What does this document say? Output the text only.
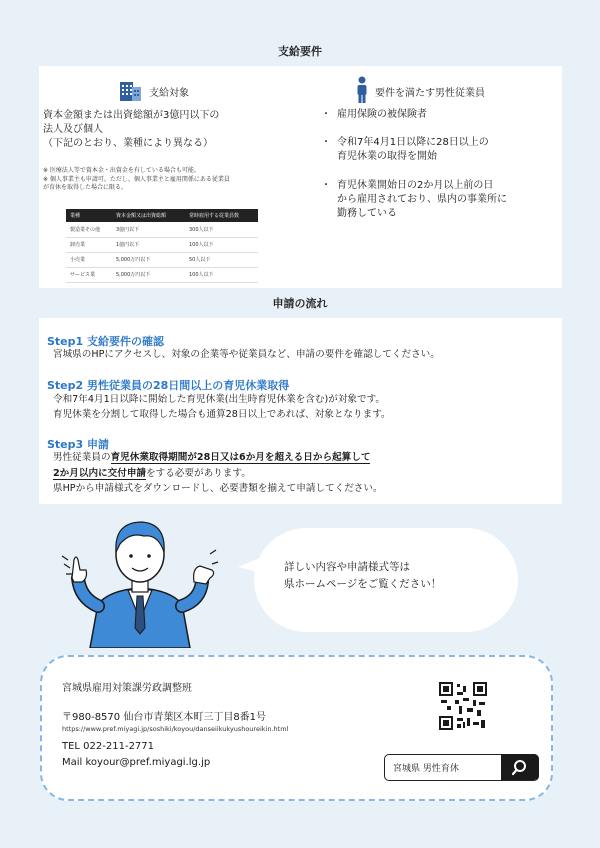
支給要件
支給対象
資本金額または出資総額が3億円以下の
法人及び個人
（下記のとおり、業種により異なる）
※ 医療法人等で資本金・出資金を有している場合も可能。
※ 個人事業主も申請可。ただし、個人事業主と雇用関係にある従業員
が育休を取得した場合に限る。
業種	資本金額又は出資総額	常時雇用する従業員数
製造業その他	3億円以下	300人以下
卸売業	1億円以下	100人以下
小売業	5,000万円以下	50人以下
サービス業	5,000万円以下	100人以下
要件を満たす男性従業員
・ 雇用保険の被保険者
・ 令和7年4月1日以降に28日以上の
育児休業の取得を開始
・ 育児休業開始日の2か月以上前の日
から雇用されており、県内の事業所に
勤務している
申請の流れ
Step1 支給要件の確認
宮城県のHPにアクセスし、対象の企業等や従業員など、申請の要件を確認してください。
Step2 男性従業員の28日間以上の育児休業取得
令和7年4月1日以降に開始した育児休業(出生時育児休業を含む)が対象です。
育児休業を分割して取得した場合も通算28日以上であれば、対象となります。
Step3 申請
男性従業員の育児休業取得期間が28日又は6か月を超える日から起算して
2か月以内に交付申請をする必要があります。
県HPから申請様式をダウンロードし、必要書類を揃えて申請してください。
詳しい内容や申請様式等は
県ホームページをご覧ください！
宮城県雇用対策課労政調整班
〒980-8570 仙台市青葉区本町三丁目8番1号
https://www.pref.miyagi.jp/soshiki/koyou/danseiikukyushoureikin.html
TEL 022-211-2771
Mail koyour@pref.miyagi.lg.jp
宮城県 男性育休
